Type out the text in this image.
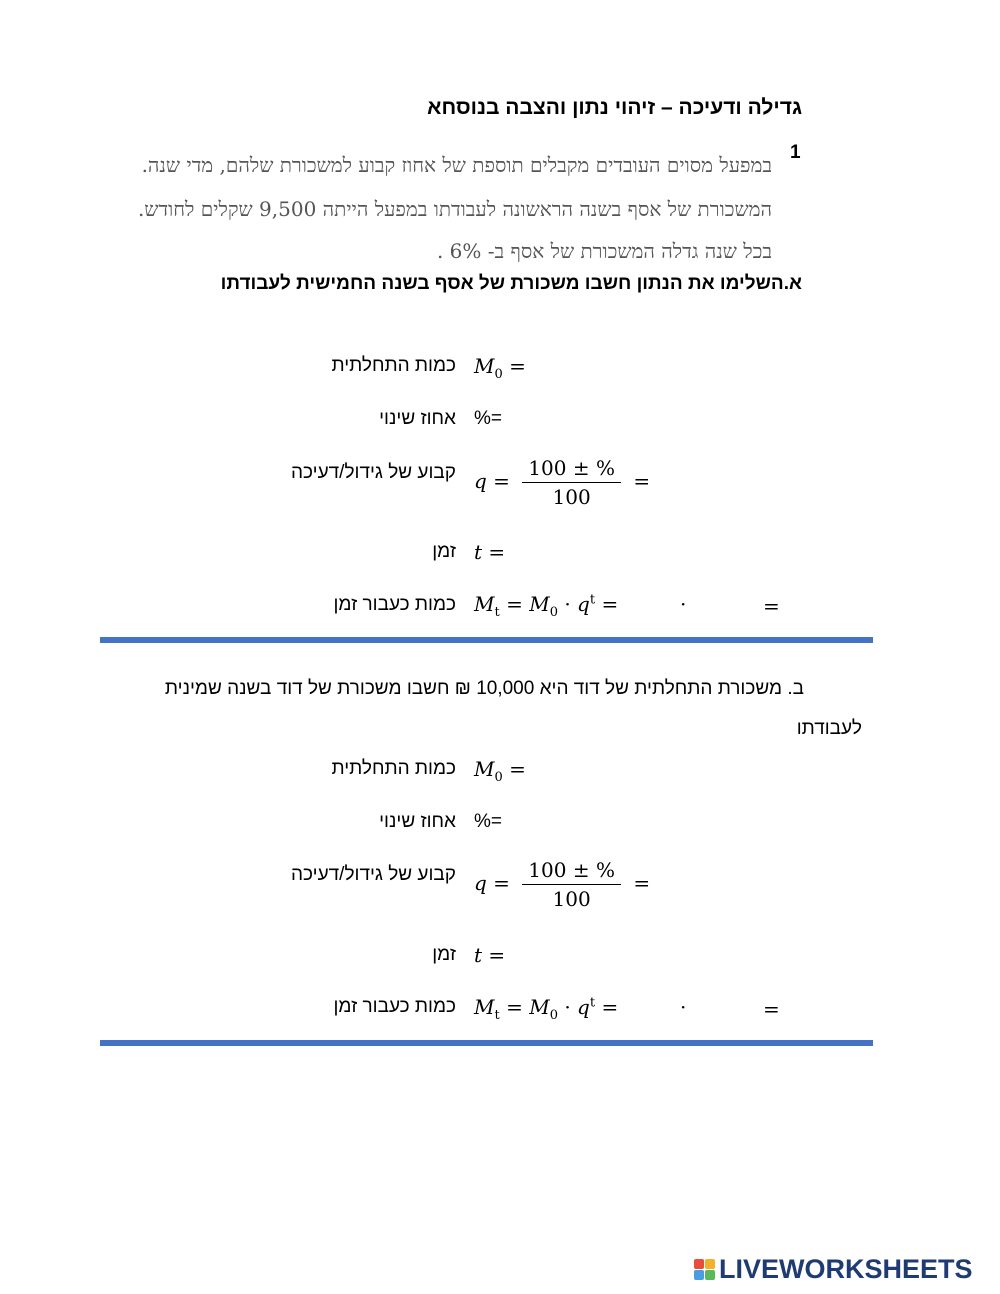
גדילה ודעיכה – זיהוי נתון והצבה בנוסחא
1
במפעל מסוים העובדים מקבלים תוספת של אחוז קבוע למשכורת שלהם, מדי שנה.
המשכורת של אסף בשנה הראשונה לעבודתו במפעל הייתה 9,500 שקלים לחודש.
בכל שנה גדלה המשכורת של אסף ב- 6% .
א.השלימו את הנתון חשבו משכורת של אסף בשנה החמישית לעבודתו
כמות התחלתית $M_0$ =
אחוז שינוי %=
קבוע של גידול/דעיכה $q = \frac{100 \pm \%}{100}$ =
זמן t =
כמות כעבור זמן $M_t = M_0 \cdot q^t$ =	·	=
ב. משכורת התחלתית של דוד היא 10,000 ₪ חשבו משכורת של דוד בשנה שמינית
לעבודתו
כמות התחלתית $M_0$ =
אחוז שינוי %=
קבוע של גידול/דעיכה $q = \frac{100 \pm \%}{100}$ =
זמן t =
כמות כעבור זמן $M_t = M_0 \cdot q^t$ =	·	=
LIVEWORKSHEETS
